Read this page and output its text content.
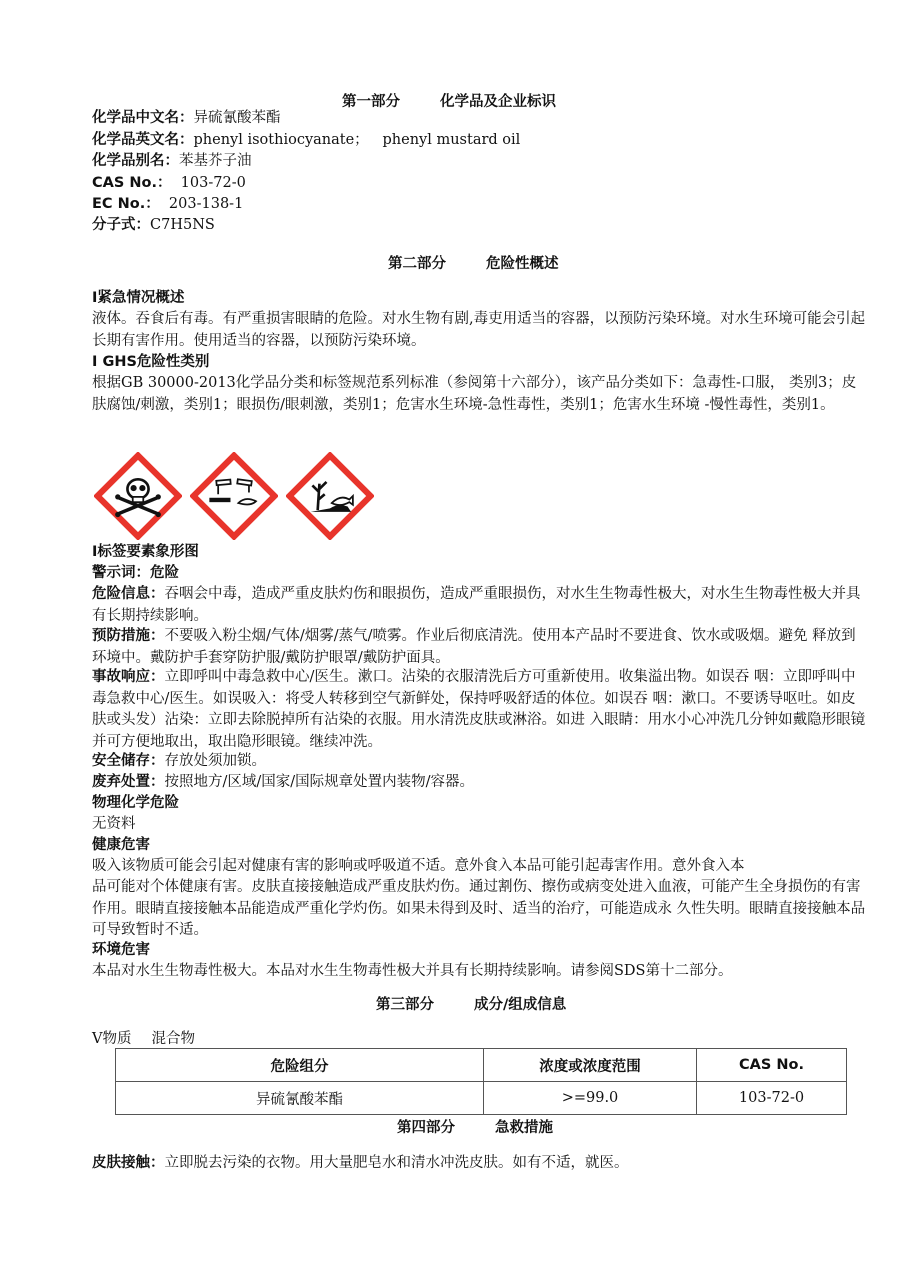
第一部分	化学品及企业标识
化学品中文名：异硫氰酸苯酯
化学品英文名：phenyl isothiocyanate；   phenyl mustard oil
化学品别名：苯基芥子油
CAS No.：  103-72-0
EC No.：  203-138-1
分子式：C7H5NS
第二部分	危险性概述
I紧急情况概述
液体。吞食后有毒。有严重损害眼睛的危险。对水生物有剧,毒吏用适当的容器，以预防污染环境。对水生环境可能会引起长期有害作用。使用适当的容器，以预防污染环境。
I GHS危险性类别
根据GB 30000-2013化学品分类和标签规范系列标准（参阅第十六部分），该产品分类如下：急毒性-口服， 类别3；皮肤腐蚀/刺激，类别1；眼损伤/眼刺激，类别1；危害水生环境-急性毒性，类别1；危害水生环境 -慢性毒性，类别1。
I标签要素象形图
警示词：危险
危险信息：吞咽会中毒，造成严重皮肤灼伤和眼损伤，造成严重眼损伤，对水生生物毒性极大，对水生生物毒性极大并具有长期持续影响。
预防措施：不要吸入粉尘烟/气体/烟雾/蒸气/喷雾。作业后彻底清洗。使用本产品时不要进食、饮水或吸烟。避免 释放到环境中。戴防护手套穿防护服/戴防护眼罩/戴防护面具。
事故响应：立即呼叫中毒急救中心/医生。漱口。沾染的衣服清洗后方可重新使用。收集溢出物。如误吞 咽：立即呼叫中毒急救中心/医生。如误吸入：将受人转移到空气新鲜处，保持呼吸舒适的体位。如误吞 咽：漱口。不要诱导呕吐。如皮肤或头发）沾染：立即去除脱掉所有沾染的衣服。用水清洗皮肤或淋浴。如进 入眼睛：用水小心冲洗几分钟如戴隐形眼镜并可方便地取出，取出隐形眼镜。继续冲洗。
安全储存：存放处须加锁。
废弃处置：按照地方/区域/国家/国际规章处置内装物/容器。
物理化学危险
无资料
健康危害
吸入该物质可能会引起对健康有害的影响或呼吸道不适。意外食入本品可能引起毒害作用。意外食入本
品可能对个体健康有害。皮肤直接接触造成严重皮肤灼伤。通过割伤、擦伤或病变处进入血液，可能产生全身损伤的有害作用。眼睛直接接触本品能造成严重化学灼伤。如果未得到及时、适当的治疗，可能造成永 久性失明。眼睛直接接触本品可导致暂时不适。
环境危害
本品对水生生物毒性极大。本品对水生生物毒性极大并具有长期持续影响。请参阅SDS第十二部分。
第三部分	成分/组成信息
V物质 混合物
危险组分	浓度或浓度范围	CAS No.
异硫氰酸苯酯	>=99.0	103-72-0
第四部分	急救措施
皮肤接触：立即脱去污染的衣物。用大量肥皂水和清水冲洗皮肤。如有不适，就医。
